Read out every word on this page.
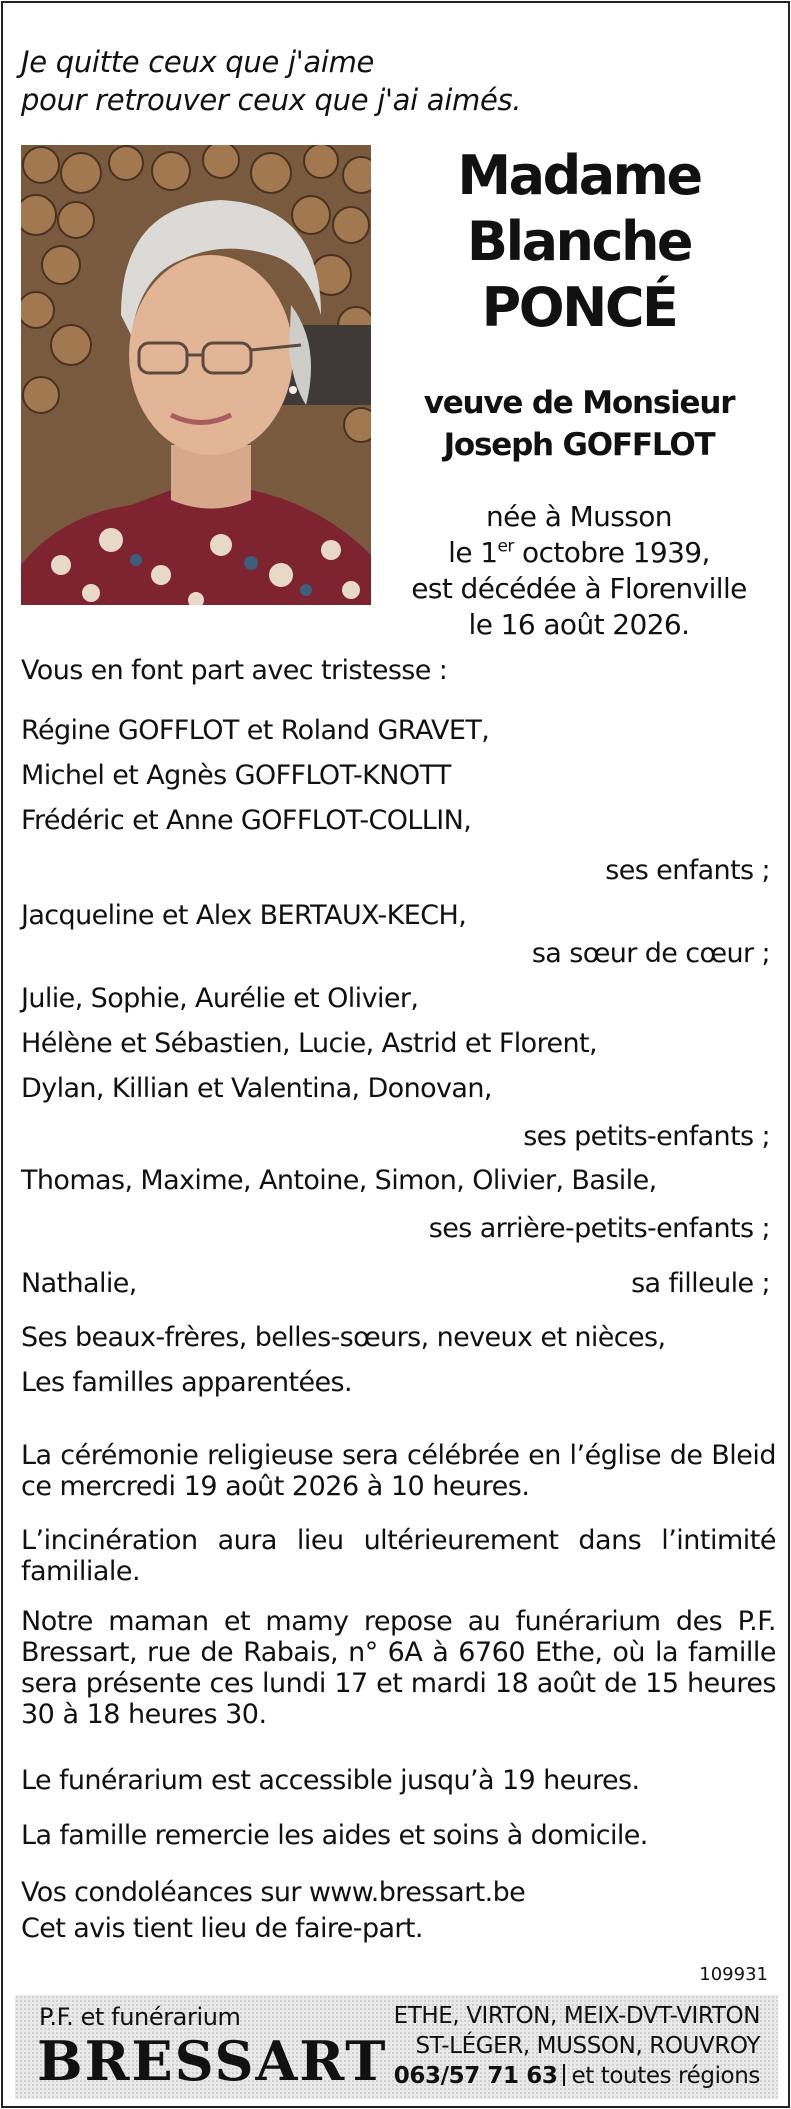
Je quitte ceux que j'aime
pour retrouver ceux que j'ai aimés.
Madame
Blanche
PONCÉ
veuve de Monsieur
Joseph GOFFLOT
née à Musson
le 1er octobre 1939,
est décédée à Florenville
le 16 août 2026.
Vous en font part avec tristesse :
Régine GOFFLOT et Roland GRAVET,
Michel et Agnès GOFFLOT-KNOTT
Frédéric et Anne GOFFLOT-COLLIN,
ses enfants ;
Jacqueline et Alex BERTAUX-KECH,
sa sœur de cœur ;
Julie, Sophie, Aurélie et Olivier,
Hélène et Sébastien, Lucie, Astrid et Florent,
Dylan, Killian et Valentina, Donovan,
ses petits-enfants ;
Thomas, Maxime, Antoine, Simon, Olivier, Basile,
ses arrière-petits-enfants ;
Nathalie,	sa filleule ;
Ses beaux-frères, belles-sœurs, neveux et nièces,
Les familles apparentées.
La cérémonie religieuse sera célébrée en l’église de Bleid ce mercredi 19 août 2026 à 10 heures.
L’incinération aura lieu ultérieurement dans l’intimité familiale.
Notre maman et mamy repose au funérarium des P.F. Bressart, rue de Rabais, n° 6A à 6760 Ethe, où la famille sera présente ces lundi 17 et mardi 18 août de 15 heures 30 à 18 heures 30.
Le funérarium est accessible jusqu’à 19 heures.
La famille remercie les aides et soins à domicile.
Vos condoléances sur www.bressart.be
Cet avis tient lieu de faire-part.
109931
P.F. et funérarium
BRESSART
ETHE, VIRTON, MEIX-DVT-VIRTON
ST-LÉGER, MUSSON, ROUVROY
063/57 71 63 et toutes régions
